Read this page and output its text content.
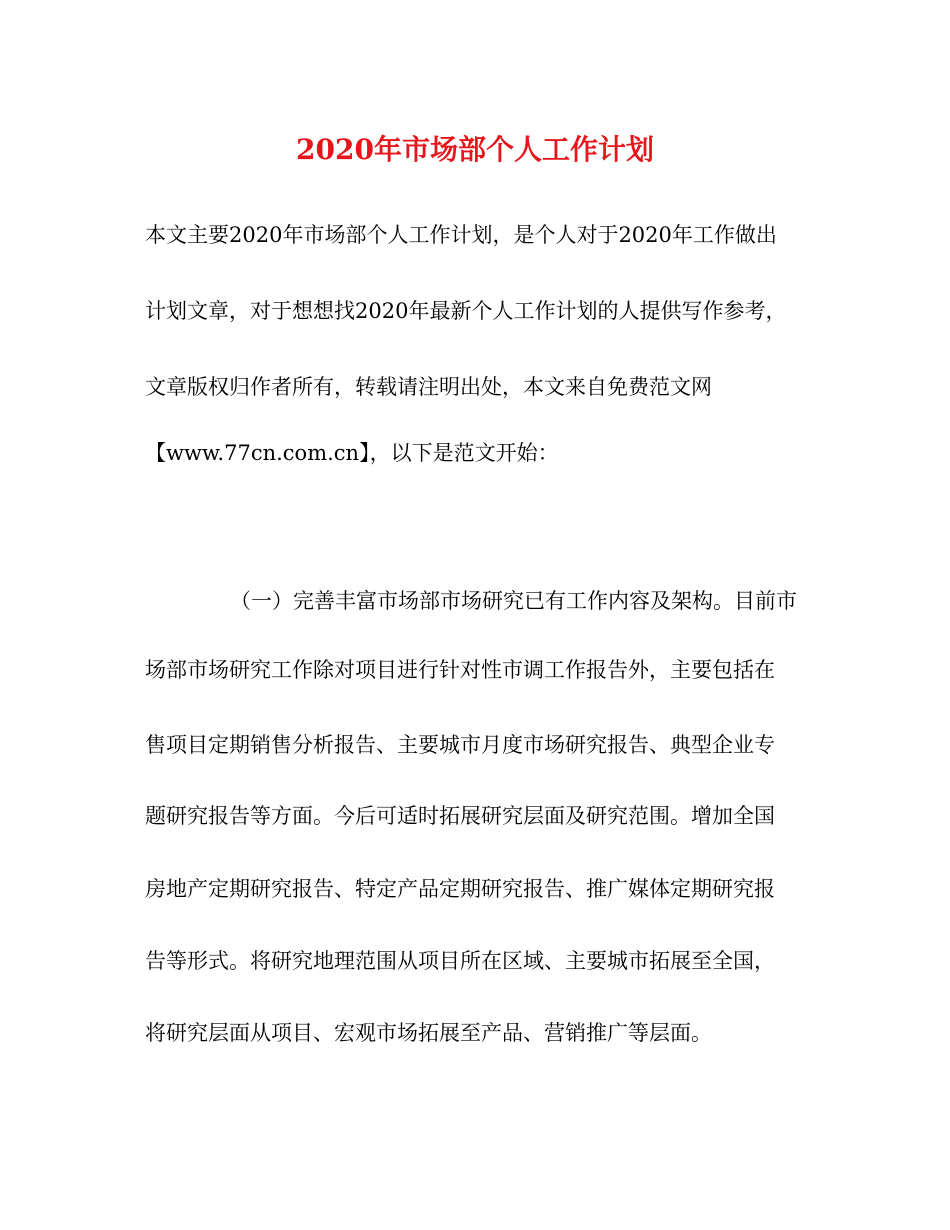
2020年市场部个人工作计划
本文主要2020年市场部个人工作计划，是个人对于2020年工作做出
计划文章，对于想想找2020年最新个人工作计划的人提供写作参考，
文章版权归作者所有，转载请注明出处，本文来自免费范文网
【www.77cn.com.cn】，以下是范文开始：
（一）完善丰富市场部市场研究已有工作内容及架构。目前市
场部市场研究工作除对项目进行针对性市调工作报告外，主要包括在
售项目定期销售分析报告、主要城市月度市场研究报告、典型企业专
题研究报告等方面。今后可适时拓展研究层面及研究范围。增加全国
房地产定期研究报告、特定产品定期研究报告、推广媒体定期研究报
告等形式。将研究地理范围从项目所在区域、主要城市拓展至全国，
将研究层面从项目、宏观市场拓展至产品、营销推广等层面。
